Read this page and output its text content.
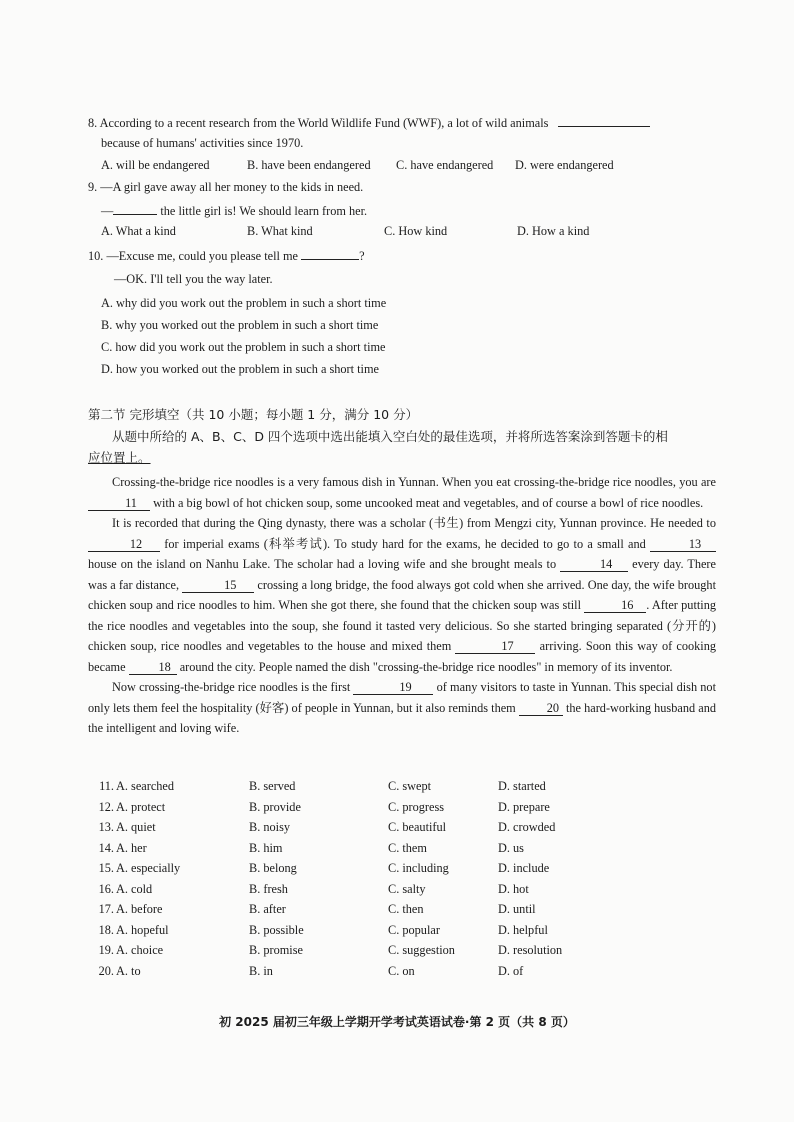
8. According to a recent research from the World Wildlife Fund (WWF), a lot of wild animals
because of humans' activities since 1970.
A. will be endangered	B. have been endangered C. have endangered D. were endangered
9. —A girl gave away all her money to the kids in need.
—	the little girl is! We should learn from her.
A. What a kind	B. What kind	C. How kind	D. How a kind
10. —Excuse me, could you please tell me	?
—OK. I'll tell you the way later.
A. why did you work out the problem in such a short time
B. why you worked out the problem in such a short time
C. how did you work out the problem in such a short time
D. how you worked out the problem in such a short time
第二节 完形填空（共 10 小题；每小题 1 分，满分 10 分）
从题中所给的 A、B、C、D 四个选项中选出能填入空白处的最佳选项，并将所选答案涂到答题卡的相
应位置上。

Crossing-the-bridge rice noodles is a very famous dish in Yunnan. When you eat crossing-the-bridge rice noodles, you are 11 with a big bowl of hot chicken soup, some uncooked meat and vegetables, and of course a bowl of rice noodles.

It is recorded that during the Qing dynasty, there was a scholar (书生) from Mengzi city, Yunnan province. He needed to 12 for imperial exams (科举考试). To study hard for the exams, he decided to go to a small and	13 house on the island on Nanhu Lake. The scholar had a loving wife and she brought meals to	14 every day. There was a far distance,	15 crossing a long bridge, the food always got cold when she arrived. One day, the wife brought chicken soup and rice noodles to him. When she got there, she found that the chicken soup was still	16 . After putting the rice noodles and vegetables into the soup, she found it tasted very delicious. So she started bringing separated (分开的) chicken soup, rice noodles and vegetables to the house and mixed them	17 arriving. Soon this way of cooking became 18 around the city. People named the dish "crossing-the-bridge rice noodles" in memory of its inventor.

Now crossing-the-bridge rice noodles is the first	19 of many visitors to taste in Yunnan. This special dish not only lets them feel the hospitality (好客) of people in Yunnan, but it also reminds them 20 the hard-working husband and the intelligent and loving wife.

11. A. searched	B. served	C. swept	D. started
12. A. protect	B. provide	C. progress	D. prepare
13. A. quiet	B. noisy	C. beautiful	D. crowded
14. A. her	B. him	C. them	D. us
15. A. especially	B. belong	C. including	D. include
16. A. cold	B. fresh	C. salty	D. hot
17. A. before	B. after	C. then	D. until
18. A. hopeful	B. possible	C. popular	D. helpful
19. A. choice	B. promise	C. suggestion	D. resolution
20. A. to	B. in	C. on	D. of
初 2025 届初三年级上学期开学考试英语试卷·第 2 页（共 8 页）
